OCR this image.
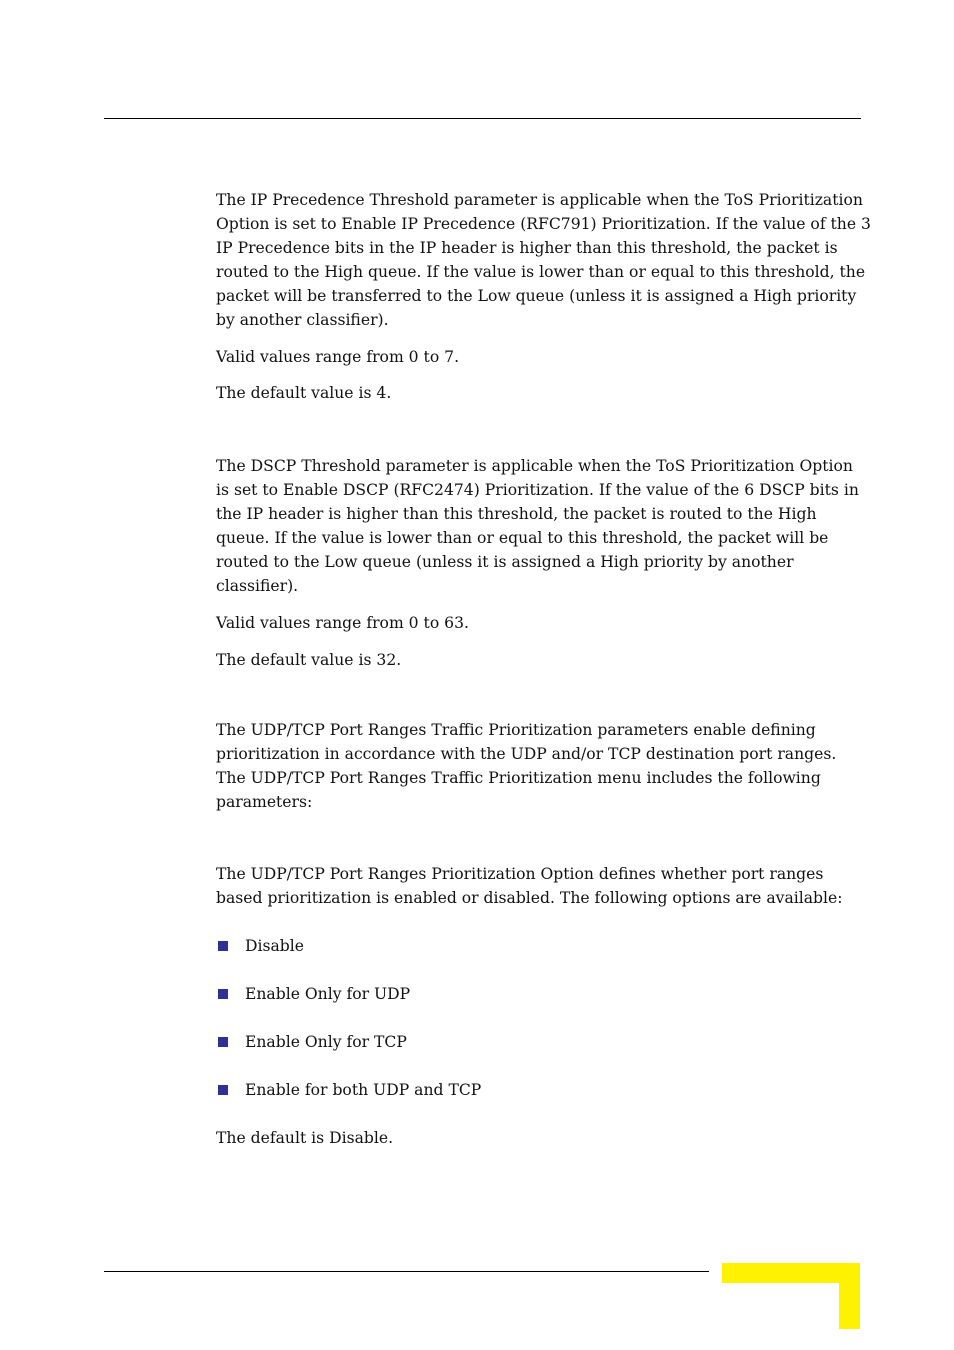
The IP Precedence Threshold parameter is applicable when the ToS Prioritization
Option is set to Enable IP Precedence (RFC791) Prioritization. If the value of the 3
IP Precedence bits in the IP header is higher than this threshold, the packet is
routed to the High queue. If the value is lower than or equal to this threshold, the
packet will be transferred to the Low queue (unless it is assigned a High priority
by another classifier).

Valid values range from 0 to 7.

The default value is 4.

The DSCP Threshold parameter is applicable when the ToS Prioritization Option
is set to Enable DSCP (RFC2474) Prioritization. If the value of the 6 DSCP bits in
the IP header is higher than this threshold, the packet is routed to the High
queue. If the value is lower than or equal to this threshold, the packet will be
routed to the Low queue (unless it is assigned a High priority by another
classifier).

Valid values range from 0 to 63.

The default value is 32.

The UDP/TCP Port Ranges Traffic Prioritization parameters enable defining
prioritization in accordance with the UDP and/or TCP destination port ranges.
The UDP/TCP Port Ranges Traffic Prioritization menu includes the following
parameters:

The UDP/TCP Port Ranges Prioritization Option defines whether port ranges
based prioritization is enabled or disabled. The following options are available:

Disable
Enable Only for UDP
Enable Only for TCP
Enable for both UDP and TCP

The default is Disable.
